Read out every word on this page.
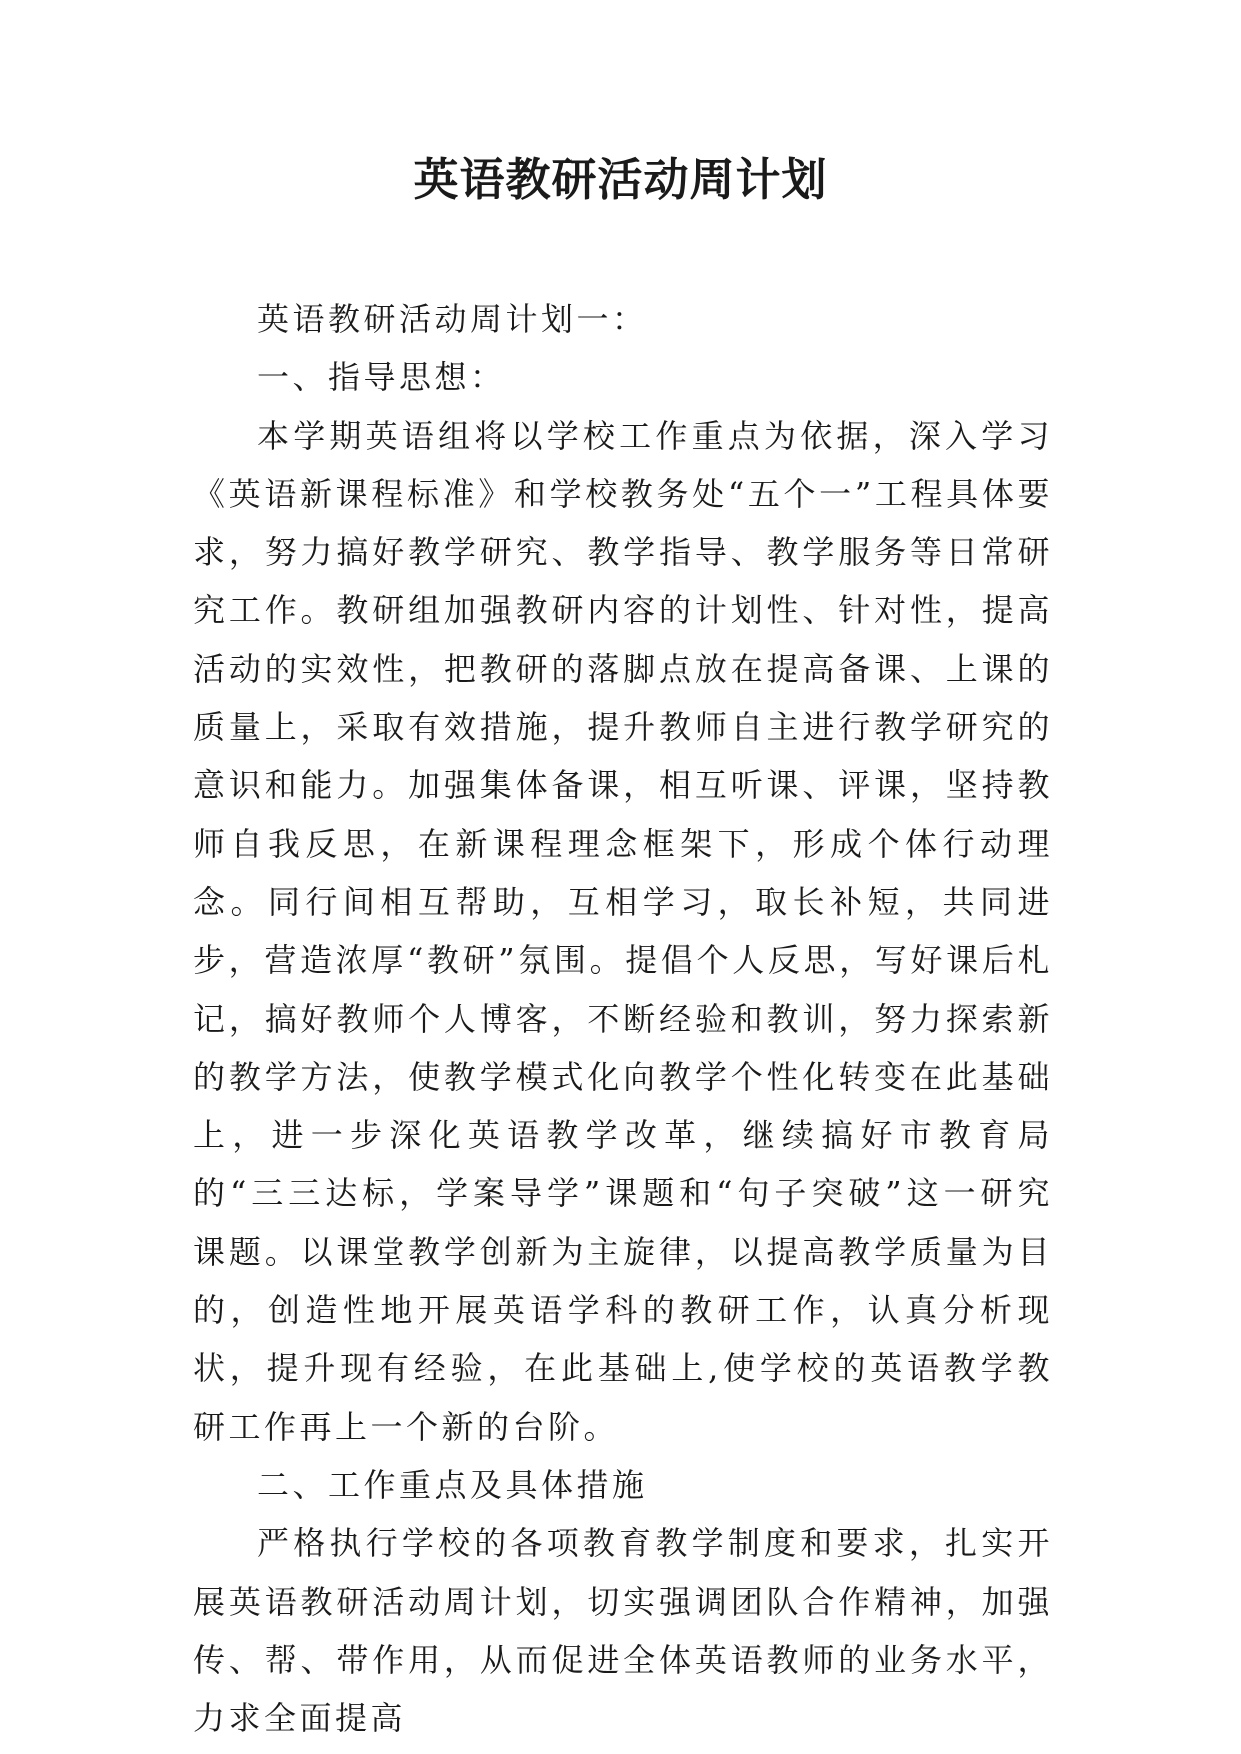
英语教研活动周计划

英语教研活动周计划一：

一、指导思想：

本学期英语组将以学校工作重点为依据，深入学习《英语新课程标准》和学校教务处“五个一”工程具体要求，努力搞好教学研究、教学指导、教学服务等日常研究工作。教研组加强教研内容的计划性、针对性，提高活动的实效性，把教研的落脚点放在提高备课、上课的质量上，采取有效措施，提升教师自主进行教学研究的意识和能力。加强集体备课，相互听课、评课，坚持教师自我反思，在新课程理念框架下，形成个体行动理念。同行间相互帮助，互相学习，取长补短，共同进步，营造浓厚“教研”氛围。提倡个人反思，写好课后札记，搞好教师个人博客，不断经验和教训，努力探索新的教学方法，使教学模式化向教学个性化转变在此基础上，进一步深化英语教学改革，继续搞好市教育局的“三三达标，学案导学”课题和“句子突破”这一研究课题。以课堂教学创新为主旋律，以提高教学质量为目的，创造性地开展英语学科的教研工作，认真分析现状，提升现有经验，在此基础上,使学校的英语教学教研工作再上一个新的台阶。

二、工作重点及具体措施

严格执行学校的各项教育教学制度和要求，扎实开展英语教研活动周计划，切实强调团队合作精神，加强传、帮、带作用，从而促进全体英语教师的业务水平，力求全面提高
